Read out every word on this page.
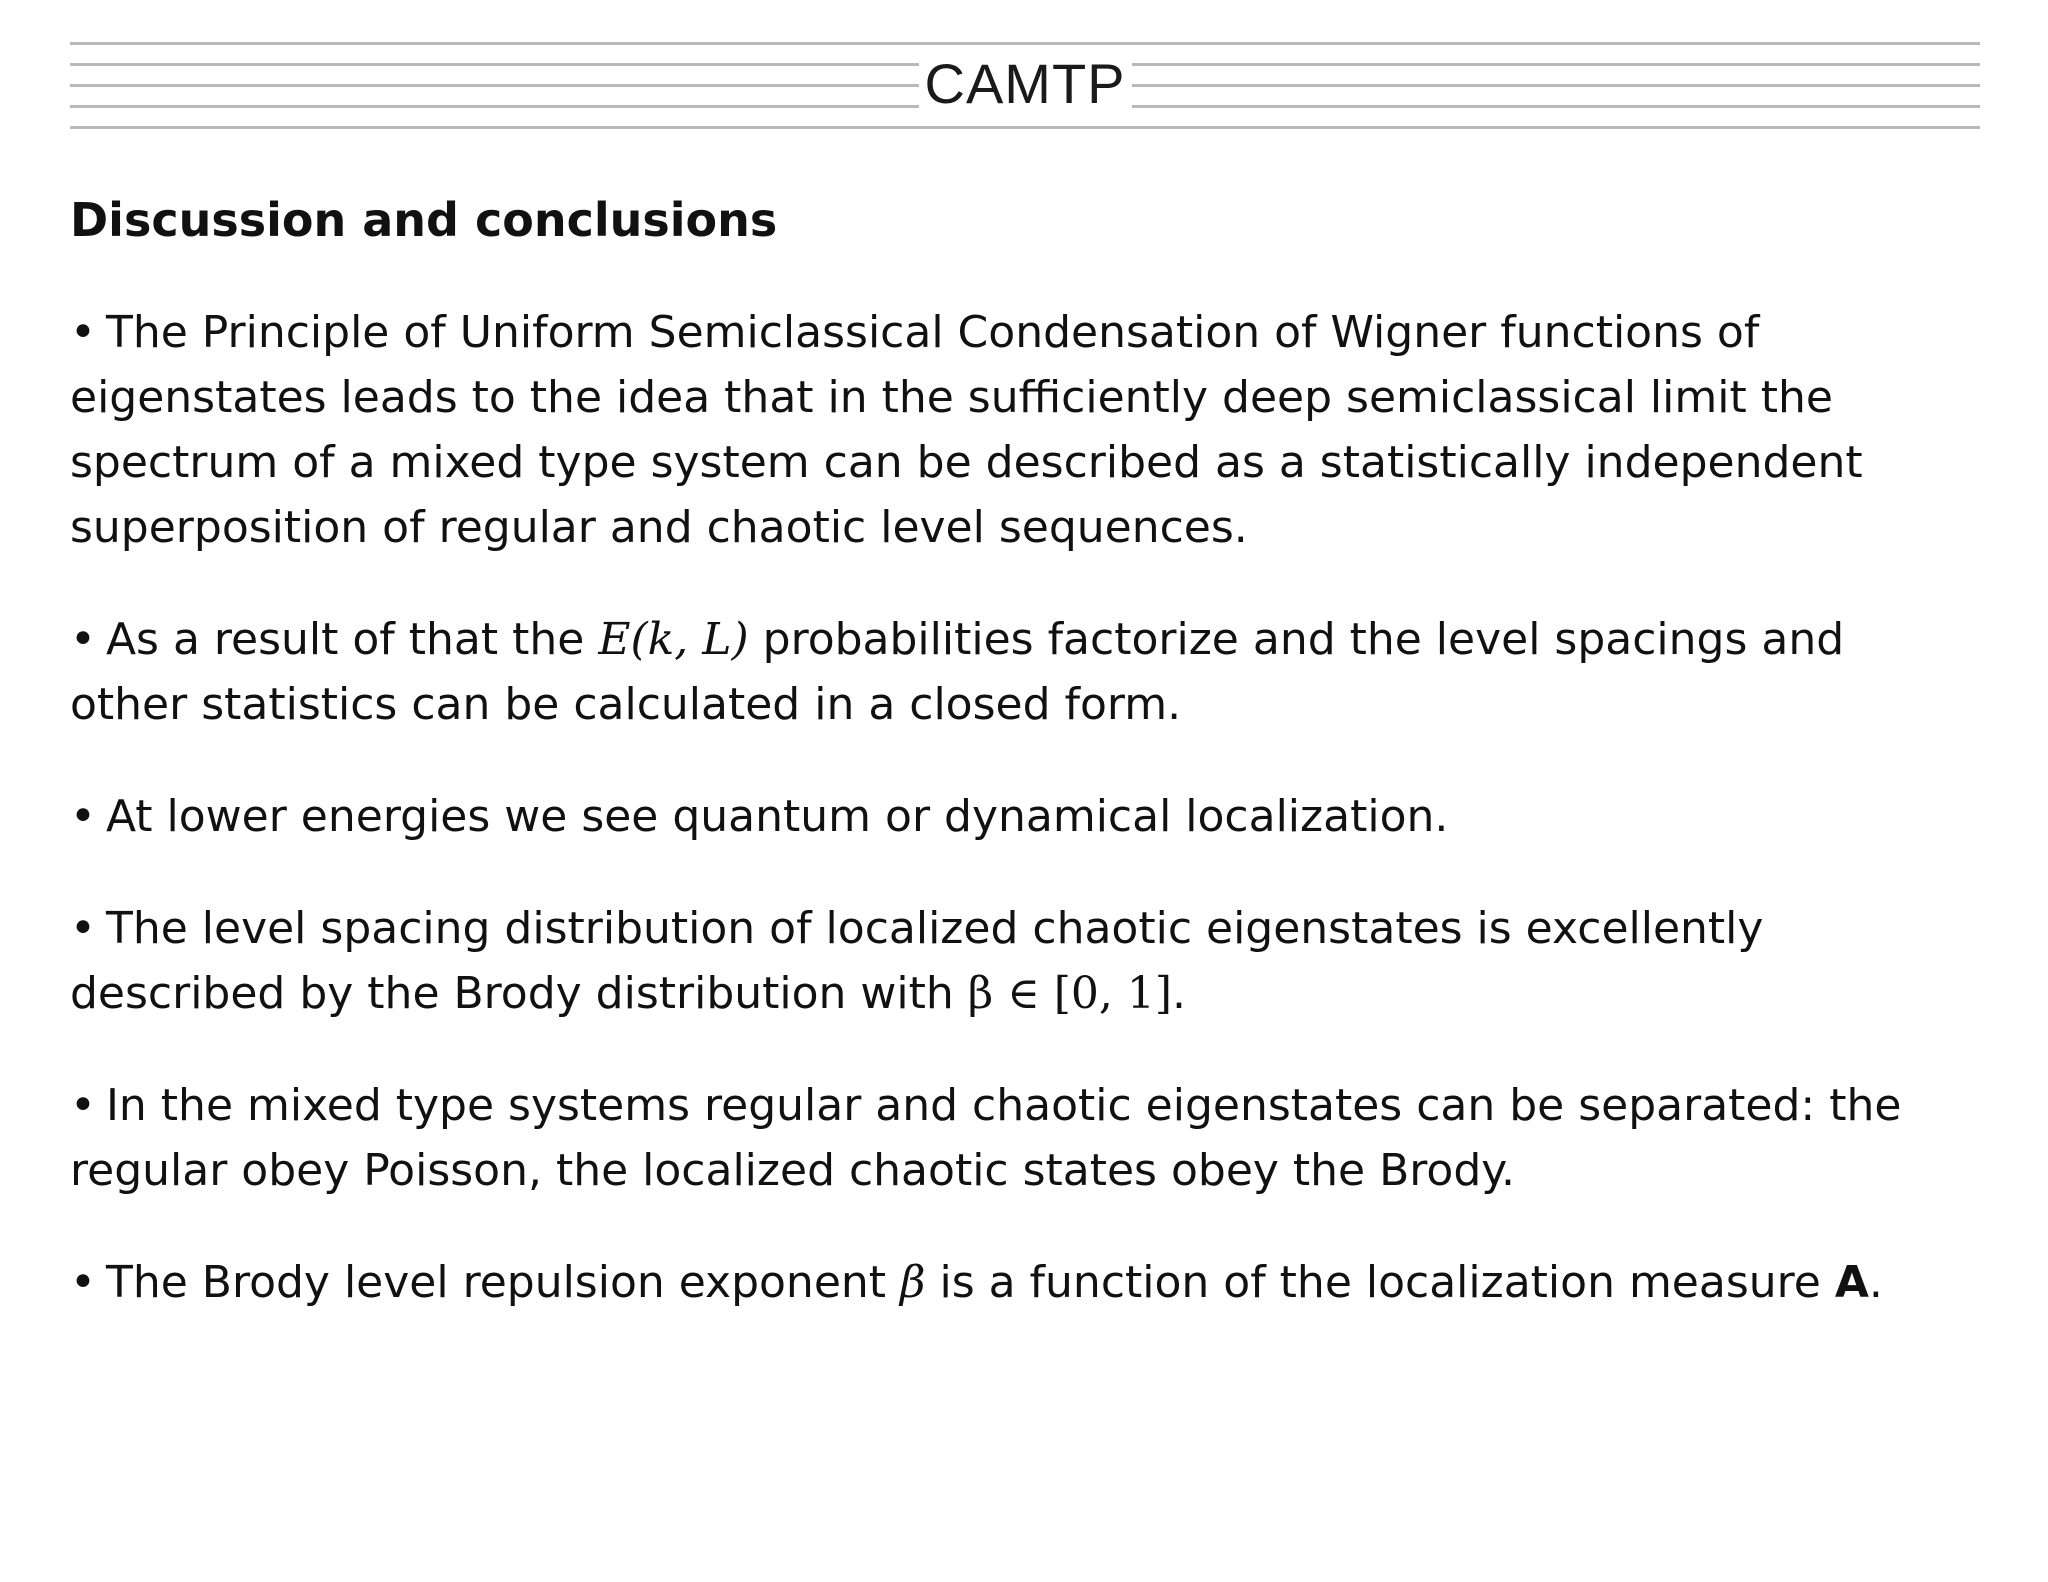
CAMTP
Discussion and conclusions

• The Principle of Uniform Semiclassical Condensation of Wigner functions of eigenstates leads to the idea that in the sufficiently deep semiclassical limit the spectrum of a mixed type system can be described as a statistically independent superposition of regular and chaotic level sequences.

• As a result of that the E(k, L) probabilities factorize and the level spacings and other statistics can be calculated in a closed form.

• At lower energies we see quantum or dynamical localization.

• The level spacing distribution of localized chaotic eigenstates is excellently described by the Brody distribution with β ∈ [0, 1].

• In the mixed type systems regular and chaotic eigenstates can be separated: the regular obey Poisson, the localized chaotic states obey the Brody.

• The Brody level repulsion exponent β is a function of the localization measure A.
